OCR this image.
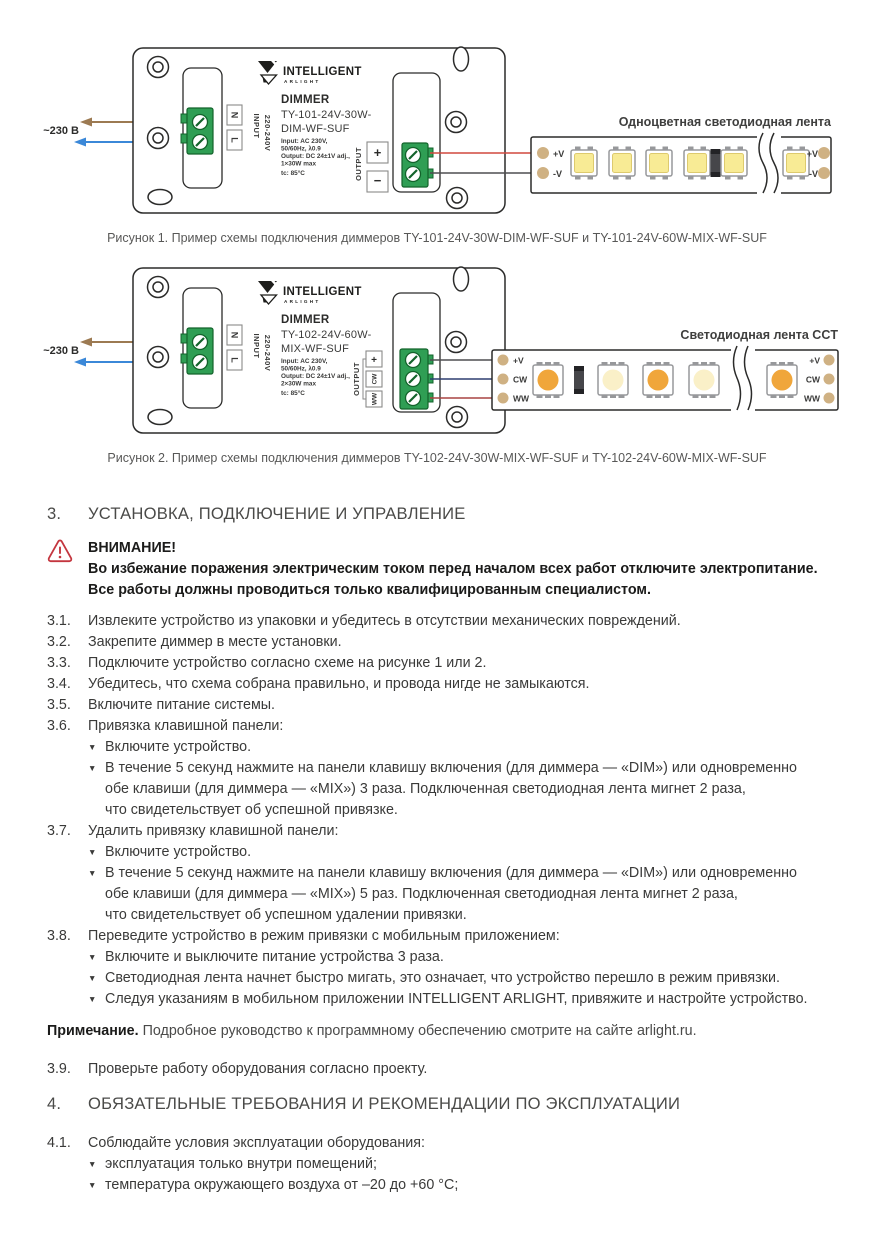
~230 В
N
L
INPUT 220-240V
INTELLIGENT
ARLIGHT
DIMMER
TY-101-24V-30W-
DIM-WF-SUF
Input: AC 230V,
50/60Hz, λ0.9
Output: DC 24±1V adj.,
1×30W max
tc: 85°C	OUTPUT +
−
Одноцветная светодиодная лента
+V
-V
+V
-V
Рисунок 1. Пример схемы подключения диммеров TY-101-24V-30W-DIM-WF-SUF и TY-101-24V-60W-MIX-WF-SUF
~230 В
N
L
INPUT 220-240V
INTELLIGENT
ARLIGHT
DIMMER
TY-102-24V-60W-
MIX-WF-SUF
Input: AC 230V,
50/60Hz, λ0.9
Output: DC 24±1V adj.,
2×30W max
tc: 85°C	OUTPUT
+
CW
WW
Светодиодная лента CCT
+V
CW
WW
+V
CW
WW
Рисунок 2. Пример схемы подключения диммеров TY-102-24V-30W-MIX-WF-SUF и TY-102-24V-60W-MIX-WF-SUF
3.	УСТАНОВКА, ПОДКЛЮЧЕНИЕ И УПРАВЛЕНИЕ
ВНИМАНИЕ!
Во избежание поражения электрическим током перед началом всех работ отключите электропитание.
Все работы должны проводиться только квалифицированным специалистом.
3.1.	Извлеките устройство из упаковки и убедитесь в отсутствии механических повреждений.
3.2.	Закрепите диммер в месте установки.
3.3.	Подключите устройство согласно схеме на рисунке 1 или 2.
3.4.	Убедитесь, что схема собрана правильно, и провода нигде не замыкаются.
3.5.	Включите питание системы.
3.6.	Привязка клавишной панели:
▼ Включите устройство.
▼ В течение 5 секунд нажмите на панели клавишу включения (для диммера — «DIM») или одновременно
обе клавиши (для диммера — «MIX») 3 раза. Подключенная светодиодная лента мигнет 2 раза,
что свидетельствует об успешной привязке.
3.7.	Удалить привязку клавишной панели:
▼ Включите устройство.
▼ В течение 5 секунд нажмите на панели клавишу включения (для диммера — «DIM») или одновременно
обе клавиши (для диммера — «MIX») 5 раз. Подключенная светодиодная лента мигнет 2 раза,
что свидетельствует об успешном удалении привязки.
3.8.	Переведите устройство в режим привязки с мобильным приложением:
▼ Включите и выключите питание устройства 3 раза.
▼ Светодиодная лента начнет быстро мигать, это означает, что устройство перешло в режим привязки.
▼ Следуя указаниям в мобильном приложении INTELLIGENT ARLIGHT, привяжите и настройте устройство.
Примечание. Подробное руководство к программному обеспечению смотрите на сайте arlight.ru.
3.9.	Проверьте работу оборудования согласно проекту.
4.	ОБЯЗАТЕЛЬНЫЕ ТРЕБОВАНИЯ И РЕКОМЕНДАЦИИ ПО ЭКСПЛУАТАЦИИ
4.1.	Соблюдайте условия эксплуатации оборудования:
▼ эксплуатация только внутри помещений;
▼ температура окружающего воздуха от –20 до +60 °C;
